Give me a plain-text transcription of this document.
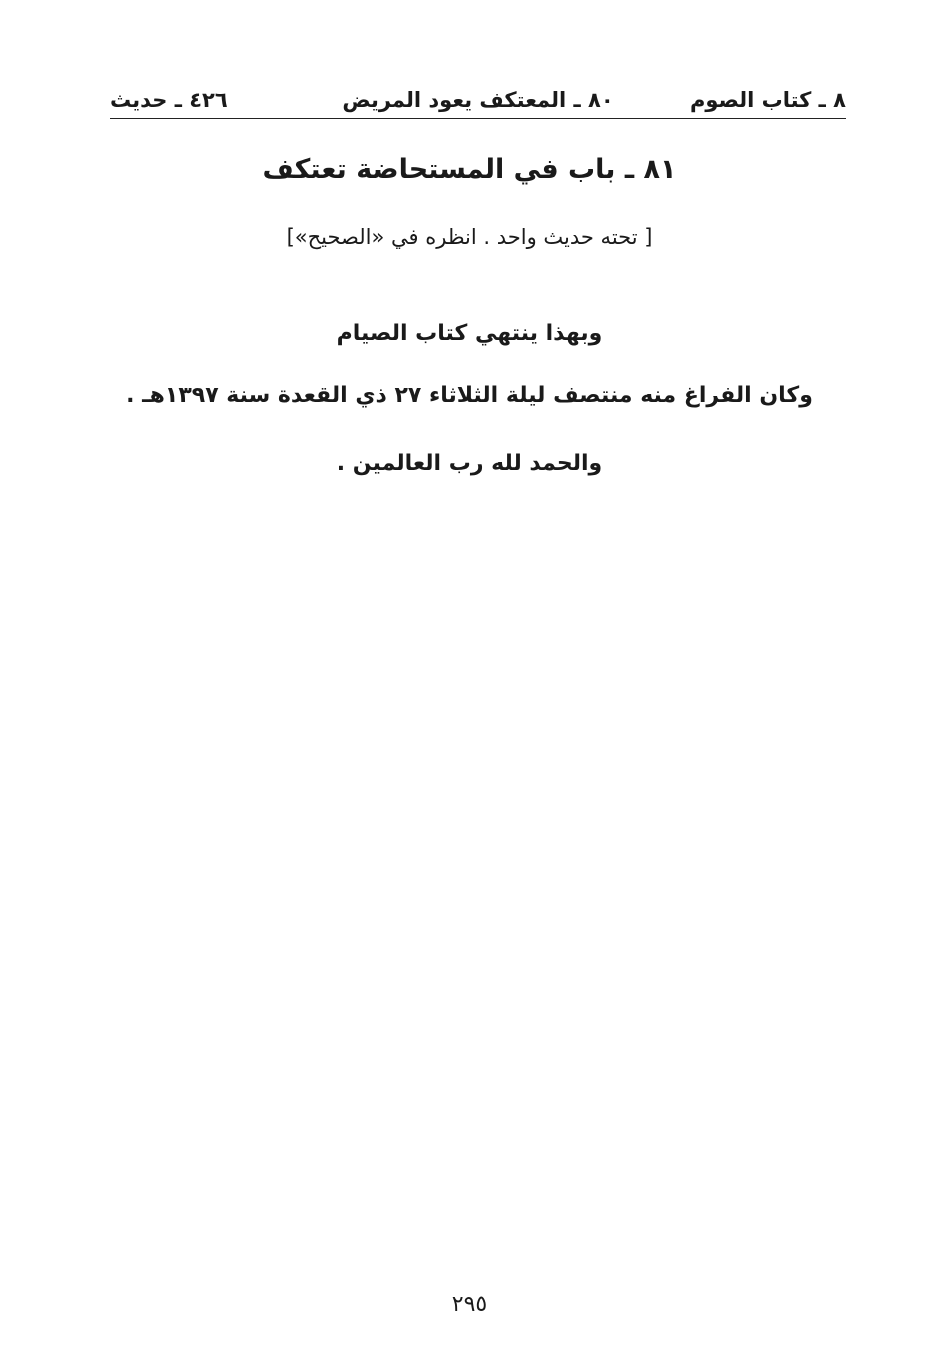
٨ ـ كتاب الصوم
٨٠ ـ المعتكف يعود المريض
٤٢٦ ـ حديث
٨١ ـ باب في المستحاضة تعتكف
[ تحته حديث واحد . انظره في «الصحيح»]
وبهذا ينتهي كتاب الصيام
وكان الفراغ منه منتصف ليلة الثلاثاء ٢٧ ذي القعدة سنة ١٣٩٧هـ .
والحمد لله رب العالمين .
٢٩٥
